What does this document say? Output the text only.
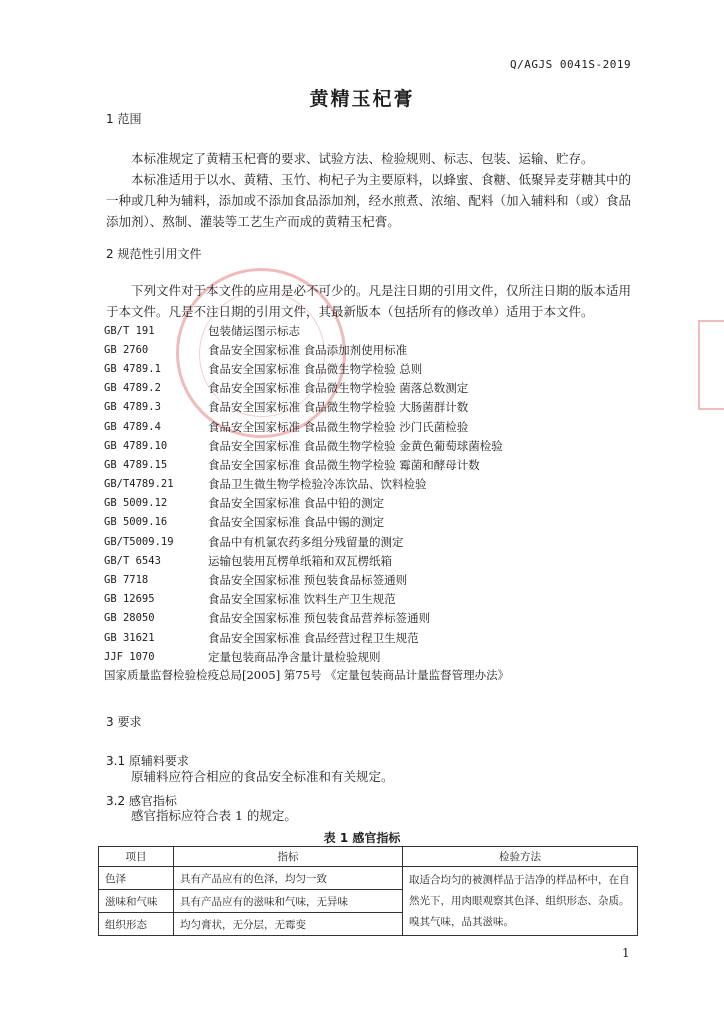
Q/AGJS 0041S-2019
黄精玉杞膏
1 范围

本标准规定了黄精玉杞膏的要求、试验方法、检验规则、标志、包装、运输、贮存。

本标准适用于以水、黄精、玉竹、枸杞子为主要原料，以蜂蜜、食糖、低聚异麦芽糖其中的一种或几种为辅料，添加或不添加食品添加剂，经水煎煮、浓缩、配料（加入辅料和（或）食品添加剂）、熬制、灌装等工艺生产而成的黄精玉杞膏。

2 规范性引用文件

下列文件对于本文件的应用是必不可少的。凡是注日期的引用文件，仅所注日期的版本适用于本文件。凡是不注日期的引用文件，其最新版本（包括所有的修改单）适用于本文件。

GB/T 191	包装储运图示标志
GB 2760	食品安全国家标准 食品添加剂使用标准
GB 4789.1	食品安全国家标准 食品微生物学检验 总则
GB 4789.2	食品安全国家标准 食品微生物学检验 菌落总数测定
GB 4789.3	食品安全国家标准 食品微生物学检验 大肠菌群计数
GB 4789.4	食品安全国家标准 食品微生物学检验 沙门氏菌检验
GB 4789.10	食品安全国家标准 食品微生物学检验 金黄色葡萄球菌检验
GB 4789.15	食品安全国家标准 食品微生物学检验 霉菌和酵母计数
GB/T4789.21	食品卫生微生物学检验冷冻饮品、饮料检验
GB 5009.12	食品安全国家标准 食品中铅的测定
GB 5009.16	食品安全国家标准 食品中锡的测定
GB/T5009.19	食品中有机氯农药多组分残留量的测定
GB/T 6543	运输包装用瓦楞单纸箱和双瓦楞纸箱
GB 7718	食品安全国家标准 预包装食品标签通则
GB 12695	食品安全国家标准 饮料生产卫生规范
GB 28050	食品安全国家标准 预包装食品营养标签通则
GB 31621	食品安全国家标准 食品经营过程卫生规范
JJF 1070	定量包装商品净含量计量检验规则
国家质量监督检验检疫总局[2005] 第75号 《定量包装商品计量监督管理办法》
3 要求
3.1 原辅料要求
原辅料应符合相应的食品安全标准和有关规定。
3.2 感官指标
感官指标应符合表 1 的规定。
表 1 感官指标
项目	指标	检验方法
色泽	具有产品应有的色泽，均匀一致	取适合均匀的被测样品于洁净的样品杯中，在自然光下，用肉眼观察其色泽、组织形态、杂质。嗅其气味，品其滋味。
滋味和气味	具有产品应有的滋味和气味，无异味	
组织形态	均匀膏状，无分层，无霉变	
1
